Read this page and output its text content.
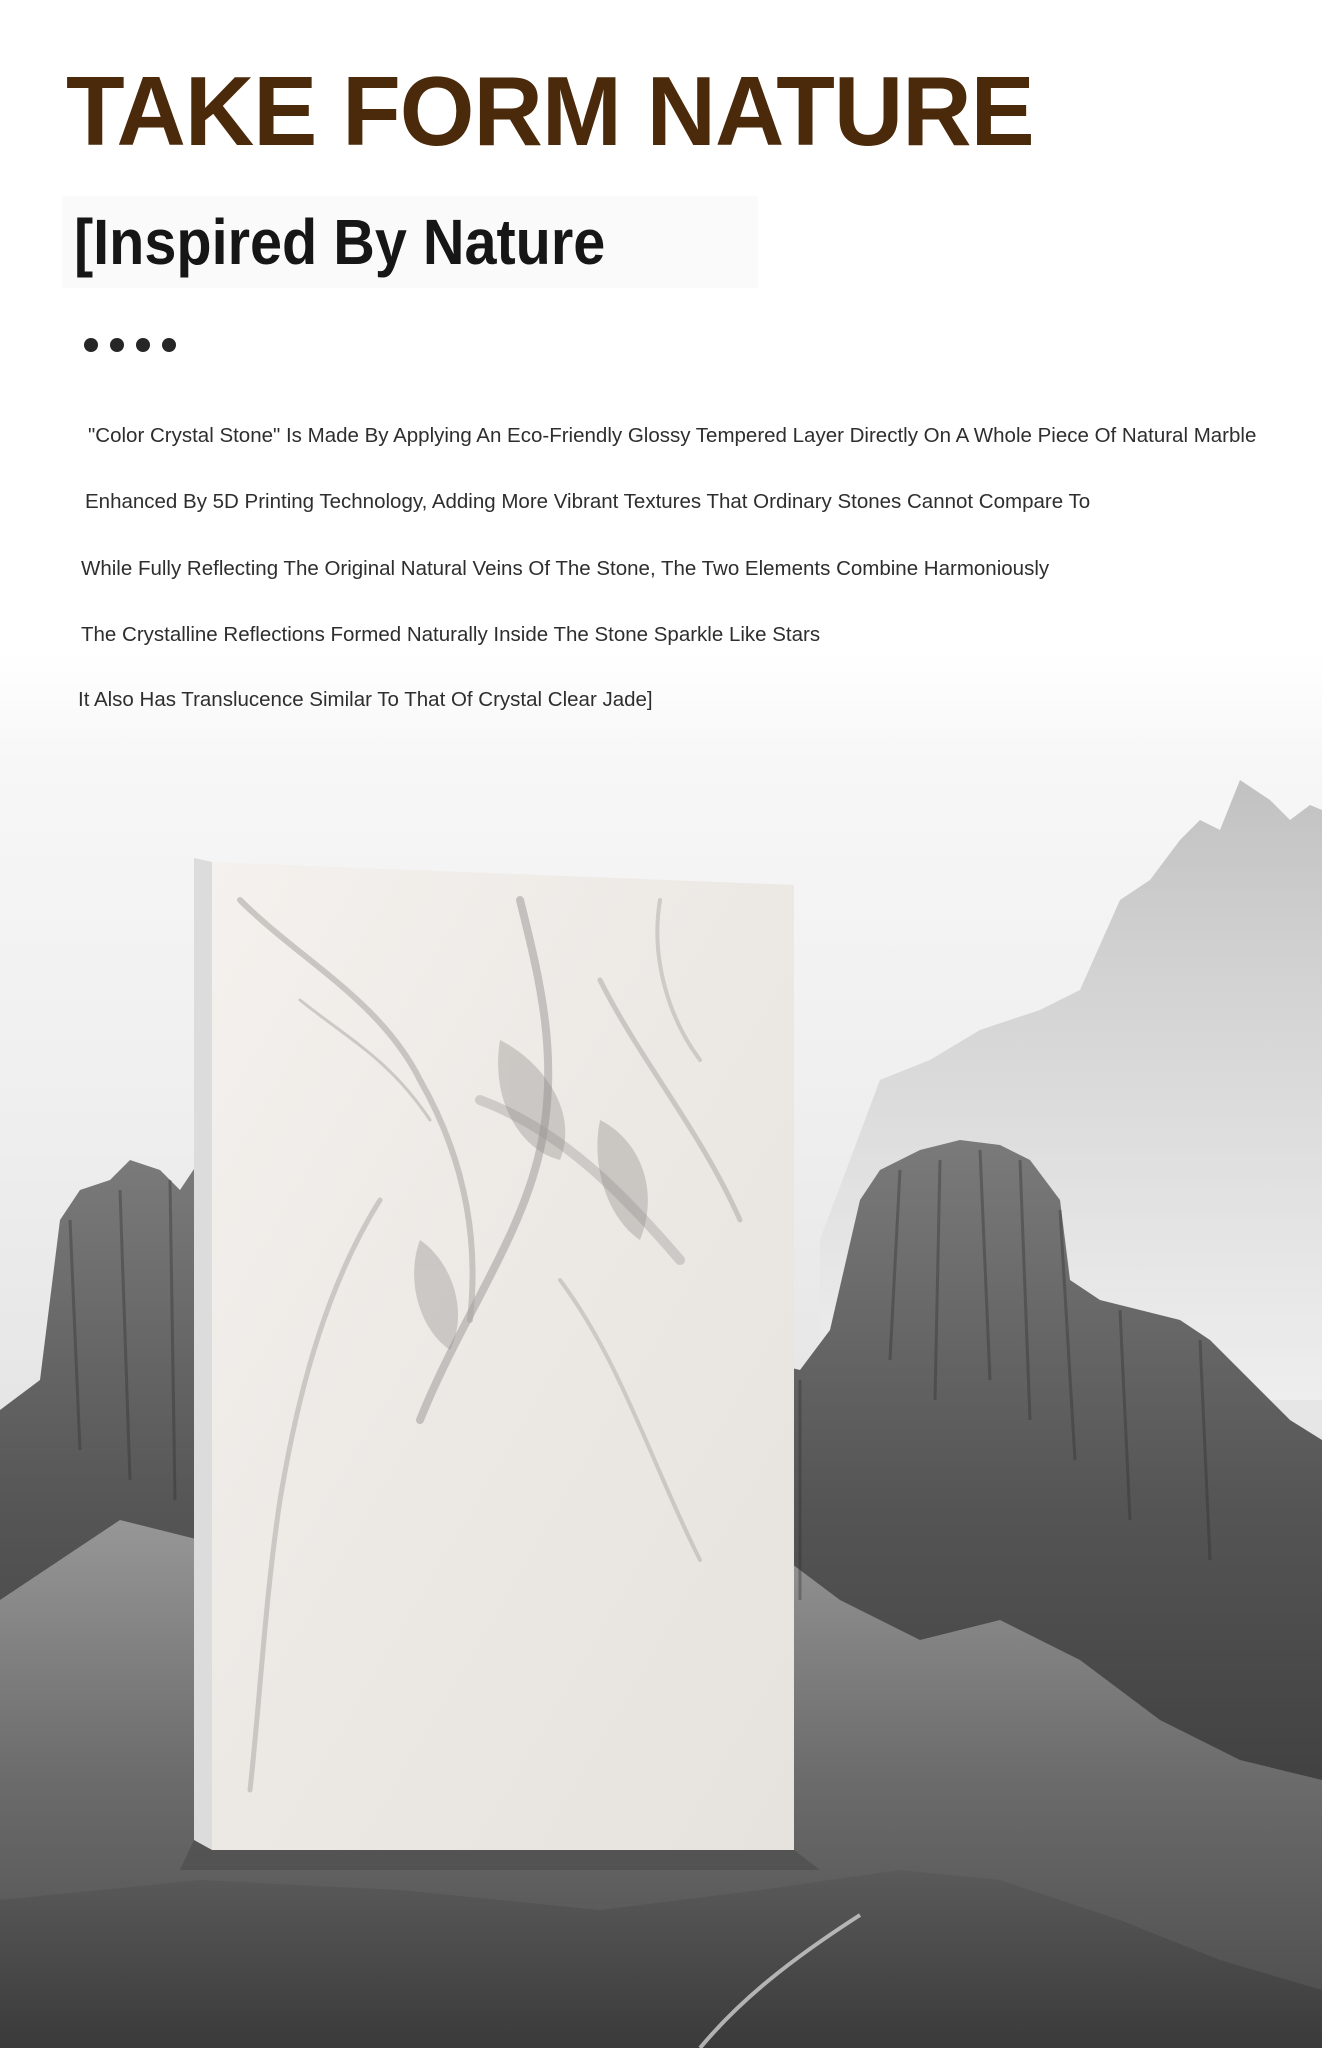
TAKE FORM NATURE
[Inspired By Nature

"Color Crystal Stone" Is Made By Applying An Eco-Friendly Glossy Tempered Layer Directly On A Whole Piece Of Natural Marble

Enhanced By 5D Printing Technology, Adding More Vibrant Textures That Ordinary Stones Cannot Compare To

While Fully Reflecting The Original Natural Veins Of The Stone, The Two Elements Combine Harmoniously

The Crystalline Reflections Formed Naturally Inside The Stone Sparkle Like Stars

It Also Has Translucence Similar To That Of Crystal Clear Jade]
